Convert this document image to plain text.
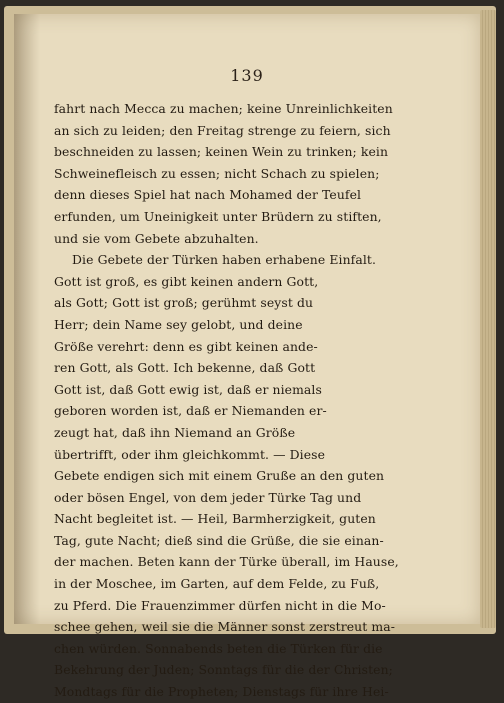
139
fahrt nach Mecca zu machen; keine Unreinlichkeiten
an sich zu leiden; den Freitag strenge zu feiern, sich
beschneiden zu lassen; keinen Wein zu trinken; kein
Schweinefleisch zu essen; nicht Schach zu spielen;
denn dieses Spiel hat nach Mohamed der Teufel
erfunden, um Uneinigkeit unter Brüdern zu stiften,
und sie vom Gebete abzuhalten.
Die Gebete der Türken haben erhabene Einfalt.
Gott ist groß, es gibt keinen andern Gott,
als Gott; Gott ist groß; gerühmt seyst du
Herr; dein Name sey gelobt, und deine
Größe verehrt: denn es gibt keinen ande-
ren Gott, als Gott. Ich bekenne, daß Gott
Gott ist, daß Gott ewig ist, daß er niemals
geboren worden ist, daß er Niemanden er-
zeugt hat, daß ihn Niemand an Größe
übertrifft, oder ihm gleichkommt. — Diese
Gebete endigen sich mit einem Gruße an den guten
oder bösen Engel, von dem jeder Türke Tag und
Nacht begleitet ist. — Heil, Barmherzigkeit, guten
Tag, gute Nacht; dieß sind die Grüße, die sie einan-
der machen. Beten kann der Türke überall, im Hause,
in der Moschee, im Garten, auf dem Felde, zu Fuß,
zu Pferd. Die Frauenzimmer dürfen nicht in die Mo-
schee gehen, weil sie die Männer sonst zerstreut ma-
chen würden. Sonnabends beten die Türken für die
Bekehrung der Juden; Sonntags für die der Christen;
Mondtags für die Propheten; Dienstags für ihre Hei-
